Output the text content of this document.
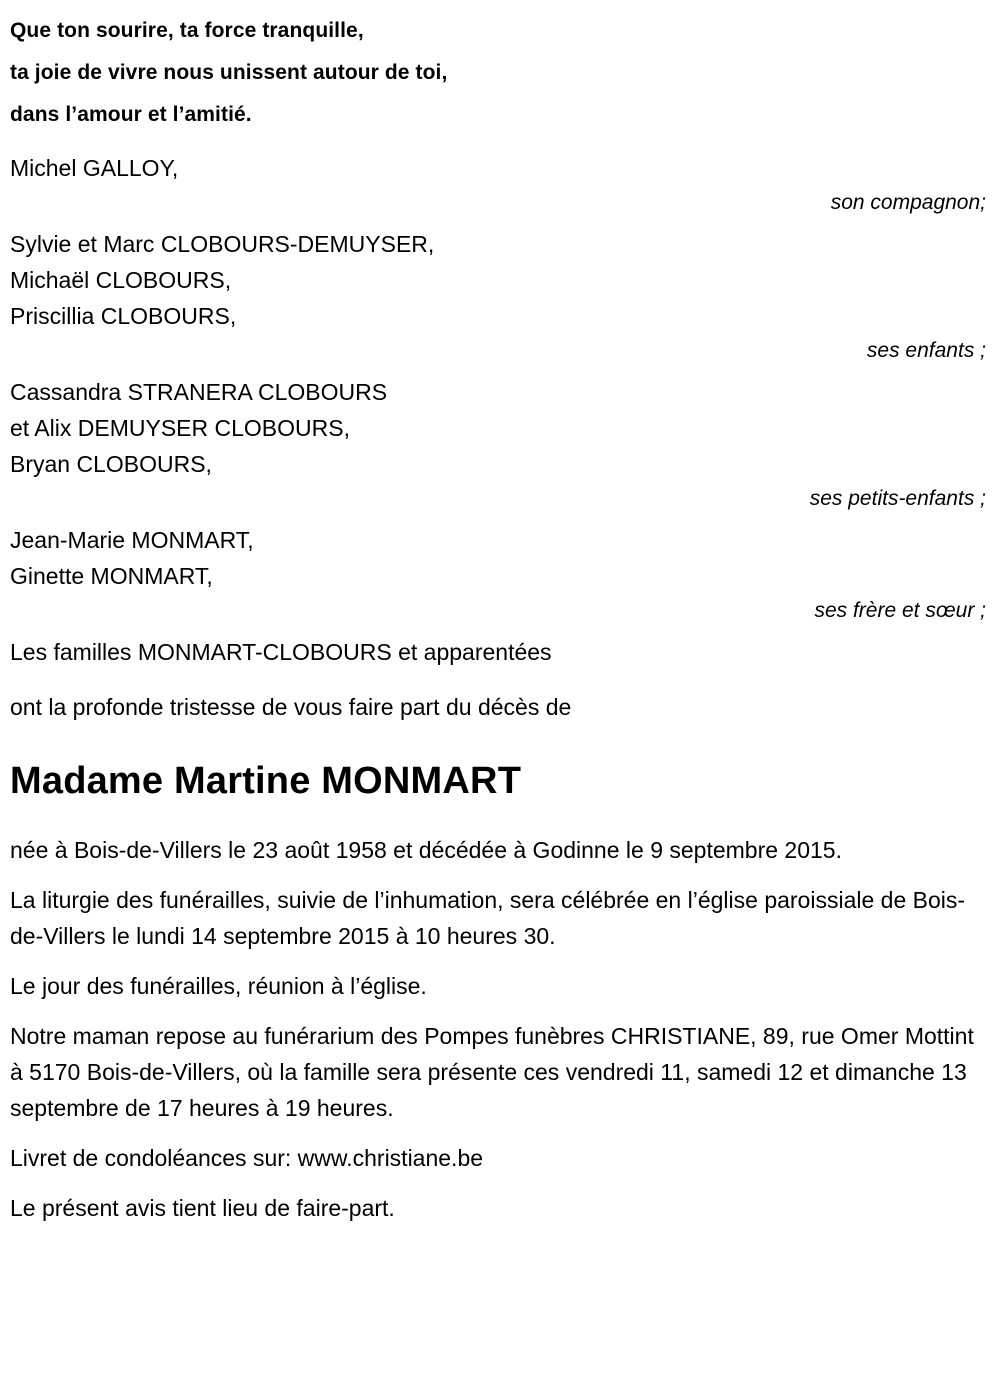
Que ton sourire, ta force tranquille,
ta joie de vivre nous unissent autour de toi,
dans l’amour et l’amitié.
Michel GALLOY,
son compagnon;
Sylvie et Marc CLOBOURS-DEMUYSER,
Michaël CLOBOURS,
Priscillia CLOBOURS,
ses enfants ;
Cassandra STRANERA CLOBOURS
et Alix DEMUYSER CLOBOURS,
Bryan CLOBOURS,
ses petits-enfants ;
Jean-Marie MONMART,
Ginette MONMART,
ses frère et sœur ;
Les familles MONMART-CLOBOURS et apparentées

ont la profonde tristesse de vous faire part du décès de

Madame Martine MONMART

née à Bois-de-Villers le 23 août 1958 et décédée à Godinne le 9 septembre 2015.

La liturgie des funérailles, suivie de l’inhumation, sera célébrée en l’église paroissiale de Bois-de-Villers le lundi 14 septembre 2015 à 10 heures 30.

Le jour des funérailles, réunion à l’église.

Notre maman repose au funérarium des Pompes funèbres CHRISTIANE, 89, rue Omer Mottint à 5170 Bois-de-Villers, où la famille sera présente ces vendredi 11, samedi 12 et dimanche 13 septembre de 17 heures à 19 heures.

Livret de condoléances sur: www.christiane.be

Le présent avis tient lieu de faire-part.
